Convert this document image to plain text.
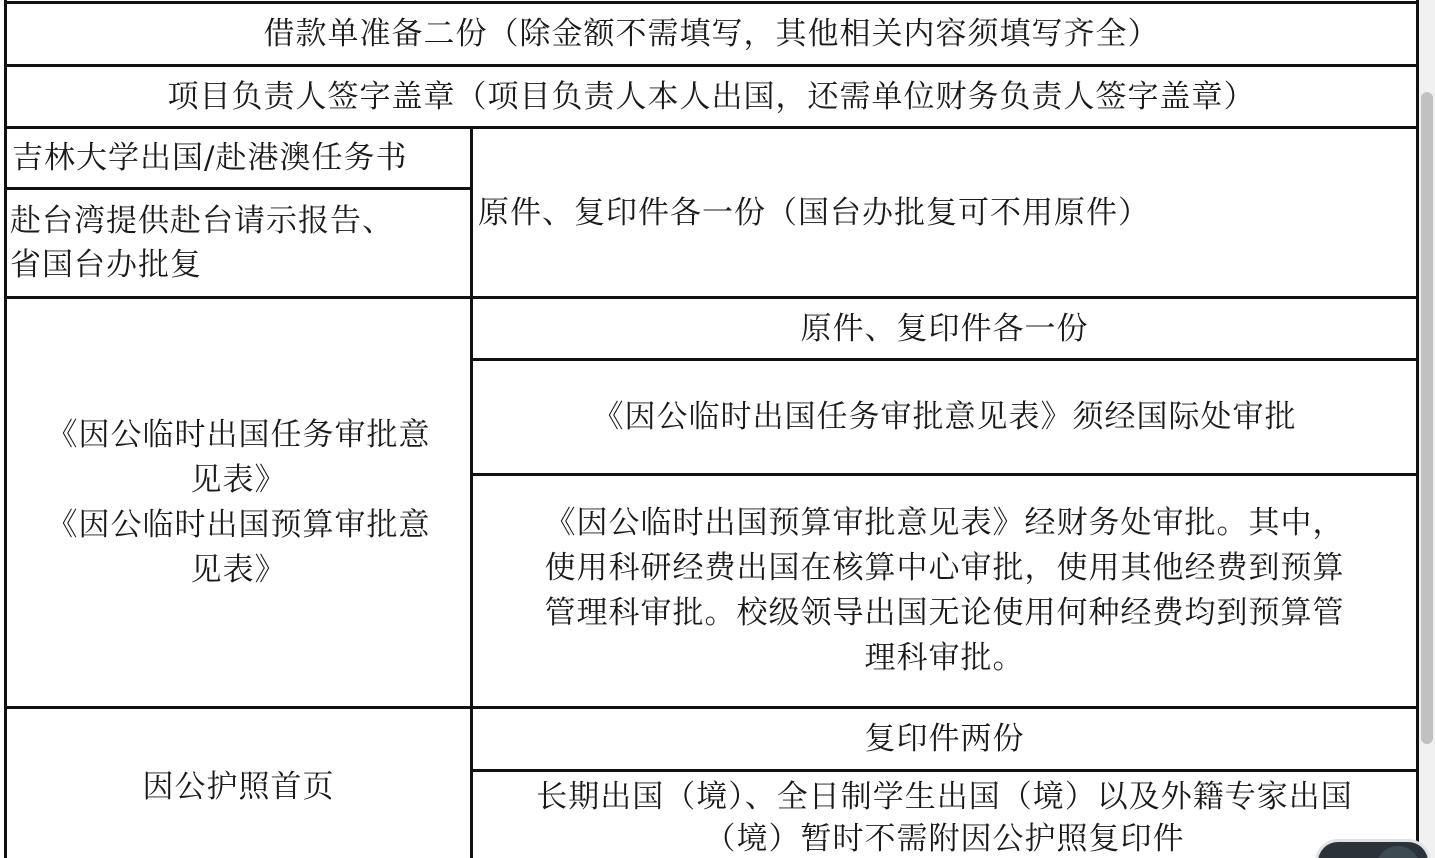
借款单准备二份（除金额不需填写，其他相关内容须填写齐全）
项目负责人签字盖章（项目负责人本人出国，还需单位财务负责人签字盖章）
吉林大学出国/赴港澳任务书
赴台湾提供赴台请示报告、
省国台办批复
原件、复印件各一份（国台办批复可不用原件）
《因公临时出国任务审批意
见表》
《因公临时出国预算审批意
见表》
原件、复印件各一份
《因公临时出国任务审批意见表》须经国际处审批
《因公临时出国预算审批意见表》经财务处审批。其中，
使用科研经费出国在核算中心审批，使用其他经费到预算
管理科审批。校级领导出国无论使用何种经费均到预算管
理科审批。
因公护照首页
复印件两份
长期出国（境）、全日制学生出国（境）以及外籍专家出国
（境）暂时不需附因公护照复印件
